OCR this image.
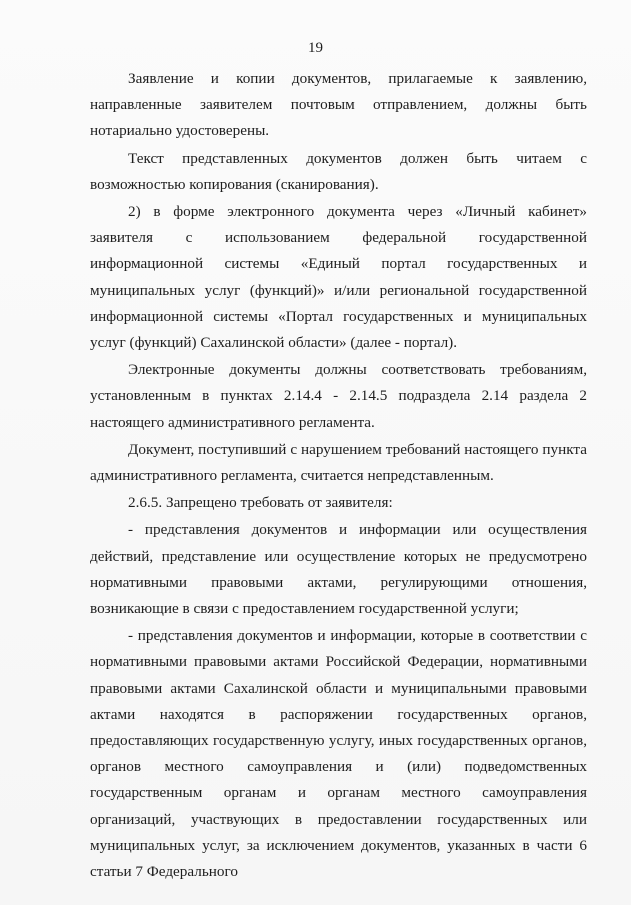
19

Заявление и копии документов, прилагаемые к заявлению, направленные заявителем почтовым отправлением, должны быть нотариально удостоверены.

Текст представленных документов должен быть читаем с возможностью копирования (сканирования).

2) в форме электронного документа через «Личный кабинет» заявителя с использованием федеральной государственной информационной системы «Единый портал государственных и муниципальных услуг (функций)» и/или региональной государственной информационной системы «Портал государственных и муниципальных услуг (функций) Сахалинской области» (далее - портал).

Электронные документы должны соответствовать требованиям, установленным в пунктах 2.14.4 - 2.14.5 подраздела 2.14 раздела 2 настоящего административного регламента.

Документ, поступивший с нарушением требований настоящего пункта административного регламента, считается непредставленным.

2.6.5. Запрещено требовать от заявителя:

- представления документов и информации или осуществления действий, представление или осуществление которых не предусмотрено нормативными правовыми актами, регулирующими отношения, возникающие в связи с предоставлением государственной услуги;

- представления документов и информации, которые в соответствии с нормативными правовыми актами Российской Федерации, нормативными правовыми актами Сахалинской области и муниципальными правовыми актами находятся в распоряжении государственных органов, предоставляющих государственную услугу, иных государственных органов, органов местного самоуправления и (или) подведомственных государственным органам и органам местного самоуправления организаций, участвующих в предоставлении государственных или муниципальных услуг, за исключением документов, указанных в части 6 статьи 7 Федерального
